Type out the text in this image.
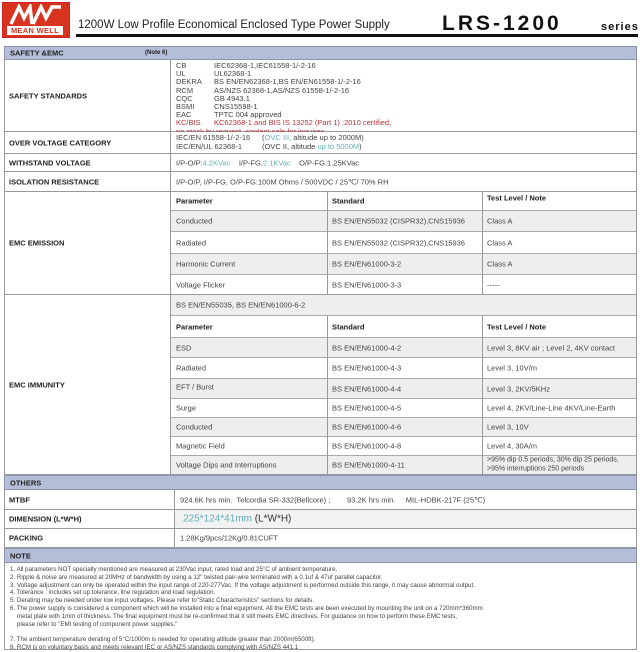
MEAN WELL	1200W Low Profile Economical Enclosed Type Power Supply LRS-1200	series
SAFETY &EMC	(Note 6)
SAFETY STANDARDS
CB	IEC62368-1,IEC61558-1/-2-16
UL	UL62368-1
DEKRA BS EN/EN62368-1,BS EN/EN61558-1/-2-16
RCM	AS/NZS 62368-1,AS/NZS 61558-1/-2-16
CQC	GB 4943.1
BSMI	CNS15598-1
EAC	TPTC 004 approved
KC/BIS KC62368-1 and BIS IS 13252 (Part 1) :2010 certified,
OVER VOLTAGE CATEGORY
IEC/EN 61558-1/-2-16 (OVC III, altitude up to 2000M)
IEC/EN/UL 62368-1	(OVC II, altitude up to 5000M)
WITHSTAND VOLTAGE	I/P-O/P:4.2KVac I/P-FG:2.1KVac O/P-FG:1.25KVac
ISOLATION RESISTANCE	I/P-O/P, I/P-FG, O/P-FG:100M Ohms / 500VDC / 25℃/ 70% RH
EMC EMISSION
Parameter	Standard	Test Level / Note
Conducted	BS EN/EN55032 (CISPR32),CNS15936	Class A
Radiated	BS EN/EN55032 (CISPR32),CNS15936	Class A
Harmonic Current	BS EN/EN61000-3-2	Class A
Voltage Flicker	BS EN/EN61000-3-3	-----
EMC IMMUNITY
BS EN/EN55035, BS EN/EN61000-6-2
Parameter	Standard	Test Level / Note
ESD	BS EN/EN61000-4-2	Level 3, 8KV air ; Level 2, 4KV contact
Radiated	BS EN/EN61000-4-3	Level 3, 10V/m
EFT / Burst	BS EN/EN61000-4-4	Level 3, 2KV/5KHz
Surge	BS EN/EN61000-4-5	Level 4, 2KV/Line-Line 4KV/Line-Earth
Conducted	BS EN/EN61000-4-6	Level 3, 10V
Magnetic Field	BS EN/EN61000-4-8	Level 4, 30A/m
Voltage Dips and Interruptions	BS EN/EN61000-4-11
>95% dip 0.5 periods, 30% dip 25 periods,
>95% interruptions 250 periods
OTHERS
MTBF	924.6K hrs min.  Telcordia SR-332(Bellcore) ;        93.2K hrs min.     MIL-HDBK-217F (25℃)
DIMENSION (L*W*H)	225*124*41mm (L*W*H)
PACKING	1.28Kg/9pcs/12Kg/0.81CUFT
NOTE
1. All parameters NOT specially mentioned are measured at 230Vac input, rated load and 25°C of ambient temperature.
2. Ripple & noise are measured at 20MHz of bandwidth by using a 12" twisted pair-wire terminated with a 0.1uf & 47uf parallel capacitor.
3. Voltage adjustment can only be operated within the input range of 220-277Vac. If the voltage adjustment is performed outside this range, it may cause abnormal output.
4. Tolerance : includes set up tolerance, line regulation and load regulation.
5. Derating may be needed under low input voltages. Please refer to"Static Characteristics" sections for details.
6. The power supply is considered a component which will be installed into a final equipment. All the EMC tests are been executed by mounting the unit on a 720mm*360mm
metal plate with 1mm of thickness. The final equipment must be re-confirmed that it still meets EMC directives. For guidance on how to perform these EMC tests,
please refer to "EMI testing of component power supplies."
7. The ambient temperature derating of 5°C/1000m is needed for operating altitude greater than 2000m(6500ft).
8. RCM is on voluntary basis and meets relevant IEC or AS/NZS standards complying with AS/NZS 441.1
